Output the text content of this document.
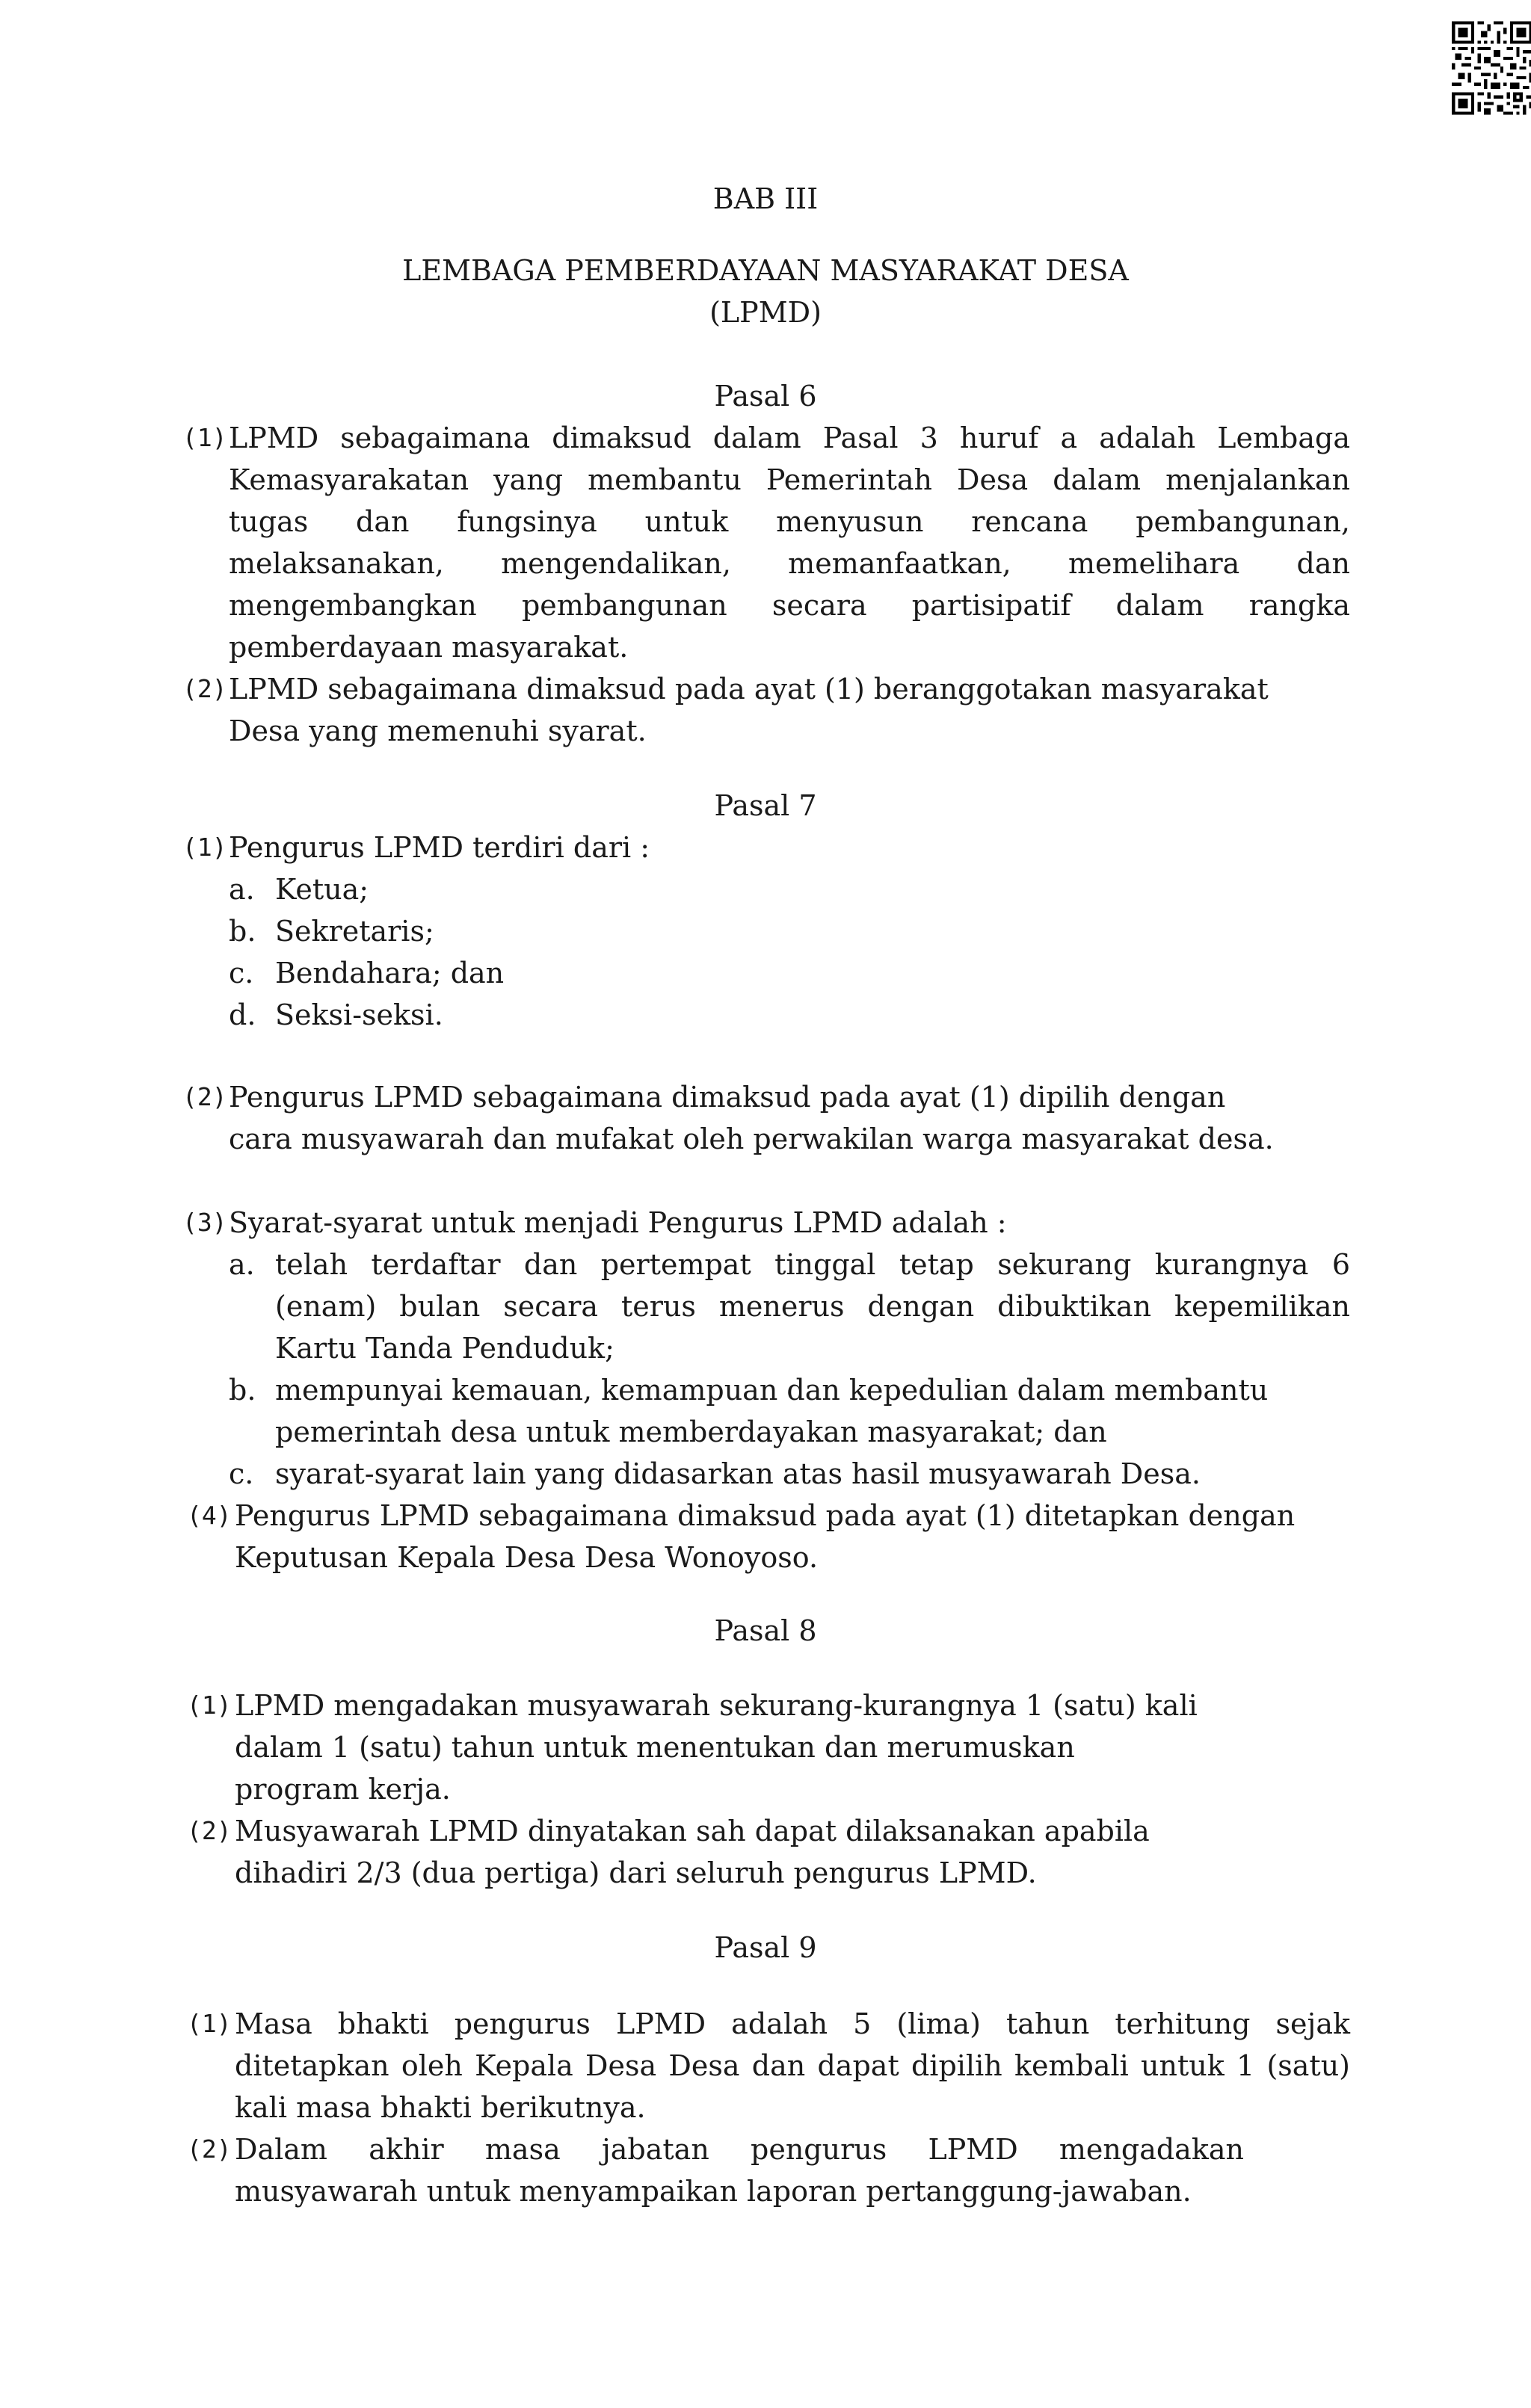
BAB III
LEMBAGA PEMBERDAYAAN MASYARAKAT DESA
(LPMD)
Pasal 6
(1) LPMD sebagaimana dimaksud dalam Pasal 3 huruf a adalah Lembaga
Kemasyarakatan yang membantu Pemerintah Desa dalam menjalankan
tugas dan fungsinya untuk menyusun rencana pembangunan,
melaksanakan, mengendalikan, memanfaatkan, memelihara dan
mengembangkan pembangunan secara partisipatif dalam rangka
pemberdayaan masyarakat.
(2) LPMD sebagaimana dimaksud pada ayat (1) beranggotakan masyarakat
Desa yang memenuhi syarat.
Pasal 7
(1) Pengurus LPMD terdiri dari :
a. Ketua;
b. Sekretaris;
c. Bendahara; dan
d. Seksi-seksi.
(2) Pengurus LPMD sebagaimana dimaksud pada ayat (1) dipilih dengan
cara musyawarah dan mufakat oleh perwakilan warga masyarakat desa.
(3) Syarat-syarat untuk menjadi Pengurus LPMD adalah :
a. telah terdaftar dan pertempat tinggal tetap sekurang kurangnya 6
(enam) bulan secara terus menerus dengan dibuktikan kepemilikan
Kartu Tanda Penduduk;
b. mempunyai kemauan, kemampuan dan kepedulian dalam membantu
pemerintah desa untuk memberdayakan masyarakat; dan
c. syarat-syarat lain yang didasarkan atas hasil musyawarah Desa.
(4) Pengurus LPMD sebagaimana dimaksud pada ayat (1) ditetapkan dengan
Keputusan Kepala Desa Desa Wonoyoso.
Pasal 8
(1) LPMD mengadakan musyawarah sekurang-kurangnya 1 (satu) kali
dalam 1 (satu) tahun untuk menentukan dan merumuskan
program kerja.
(2) Musyawarah LPMD dinyatakan sah dapat dilaksanakan apabila
dihadiri 2/3 (dua pertiga) dari seluruh pengurus LPMD.
Pasal 9
(1) Masa bhakti pengurus LPMD adalah 5 (lima) tahun terhitung sejak
ditetapkan oleh Kepala Desa Desa dan dapat dipilih kembali untuk 1 (satu)
kali masa bhakti berikutnya.
(2) Dalam akhir masa jabatan pengurus LPMD mengadakan
musyawarah untuk menyampaikan laporan pertanggung-jawaban.
